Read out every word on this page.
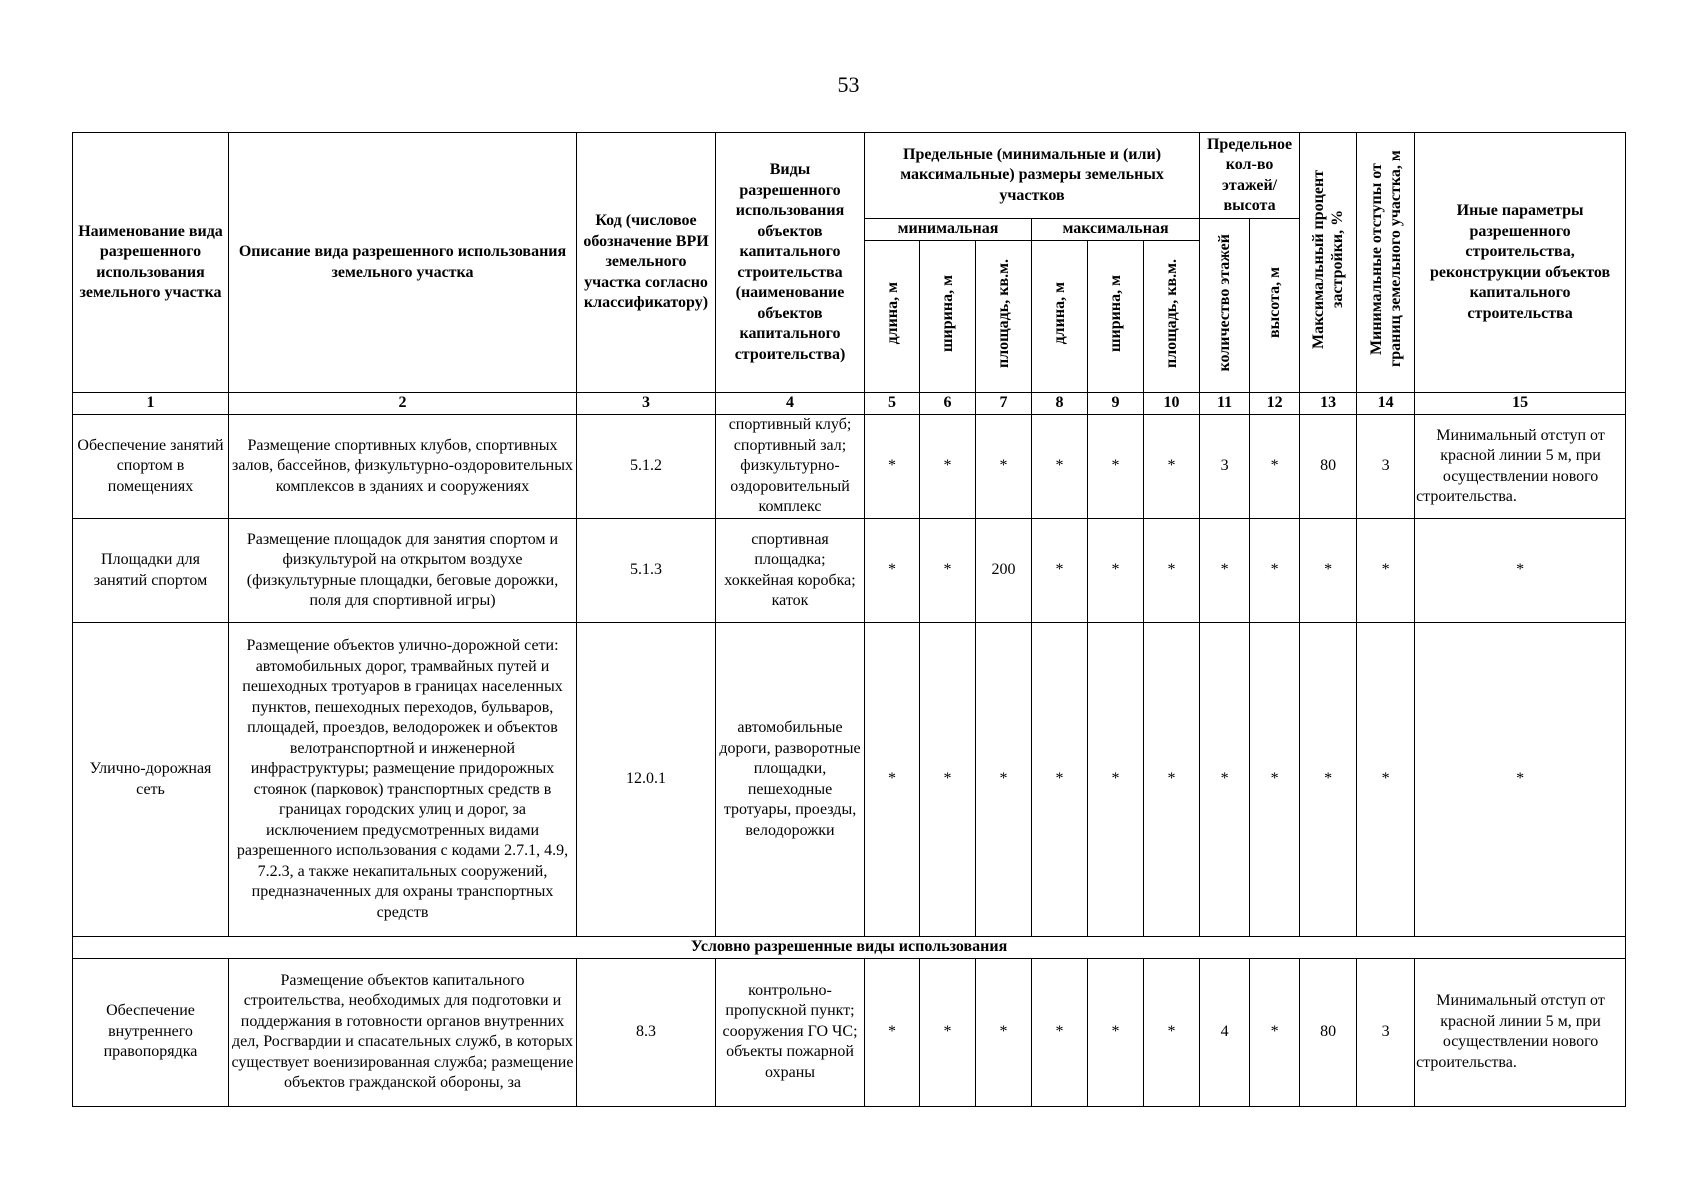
53
Наименование вида разрешенного использования земельного участка	Описание вида разрешенного использования земельного участка	Код (числовое обозначение ВРИ земельного участка согласно классификатору)	Виды разрешенного использования объектов капитального строительства (наименование объектов капитального строительства)	Предельные (минимальные и (или) максимальные) размеры земельных участков						Предельное кол-во этажей/ высота		Максимальный процент застройки, %	Минимальные отступы от границ земельного участка, м	Иные параметры разрешенного строительства, реконструкции объектов капитального строительства
				минимальная			максимальная			количество этажей	высота, м			
				длина, м	ширина, м	площадь, кв.м.	длина, м	ширина, м	площадь, кв.м.					
1	2	3	4	5	6	7	8	9	10	11	12	13	14	15
Обеспечение занятий спортом в помещениях	Размещение спортивных клубов, спортивных залов, бассейнов, физкультурно-оздоровительных комплексов в зданиях и сооружениях	5.1.2	спортивный клуб; спортивный зал; физкультурно-оздоровительный комплекс	*	*	*	*	*	*	3	*	80	3	Минимальный отступ от красной линии 5 м, при осуществлении нового строительства.
Площадки для занятий спортом	Размещение площадок для занятия спортом и физкультурой на открытом воздухе (физкультурные площадки, беговые дорожки, поля для спортивной игры)	5.1.3	спортивная площадка; хоккейная коробка; каток	*	*	200	*	*	*	*	*	*	*	*
Улично-дорожная сеть	Размещение объектов улично-дорожной сети: автомобильных дорог, трамвайных путей и пешеходных тротуаров в границах населенных пунктов, пешеходных переходов, бульваров, площадей, проездов, велодорожек и объектов велотранспортной и инженерной инфраструктуры; размещение придорожных стоянок (парковок) транспортных средств в границах городских улиц и дорог, за исключением предусмотренных видами разрешенного использования с кодами 2.7.1, 4.9, 7.2.3, а также некапитальных сооружений, предназначенных для охраны транспортных средств	12.0.1	автомобильные дороги, разворотные площадки, пешеходные тротуары, проезды, велодорожки	*	*	*	*	*	*	*	*	*	*	*
Условно разрешенные виды использования														
Обеспечение внутреннего правопорядка	Размещение объектов капитального строительства, необходимых для подготовки и поддержания в готовности органов внутренних дел, Росгвардии и спасательных служб, в которых существует военизированная служба; размещение объектов гражданской обороны, за	8.3	контрольно-пропускной пункт; сооружения ГО ЧС; объекты пожарной охраны	*	*	*	*	*	*	4	*	80	3	Минимальный отступ от красной линии 5 м, при осуществлении нового строительства.
